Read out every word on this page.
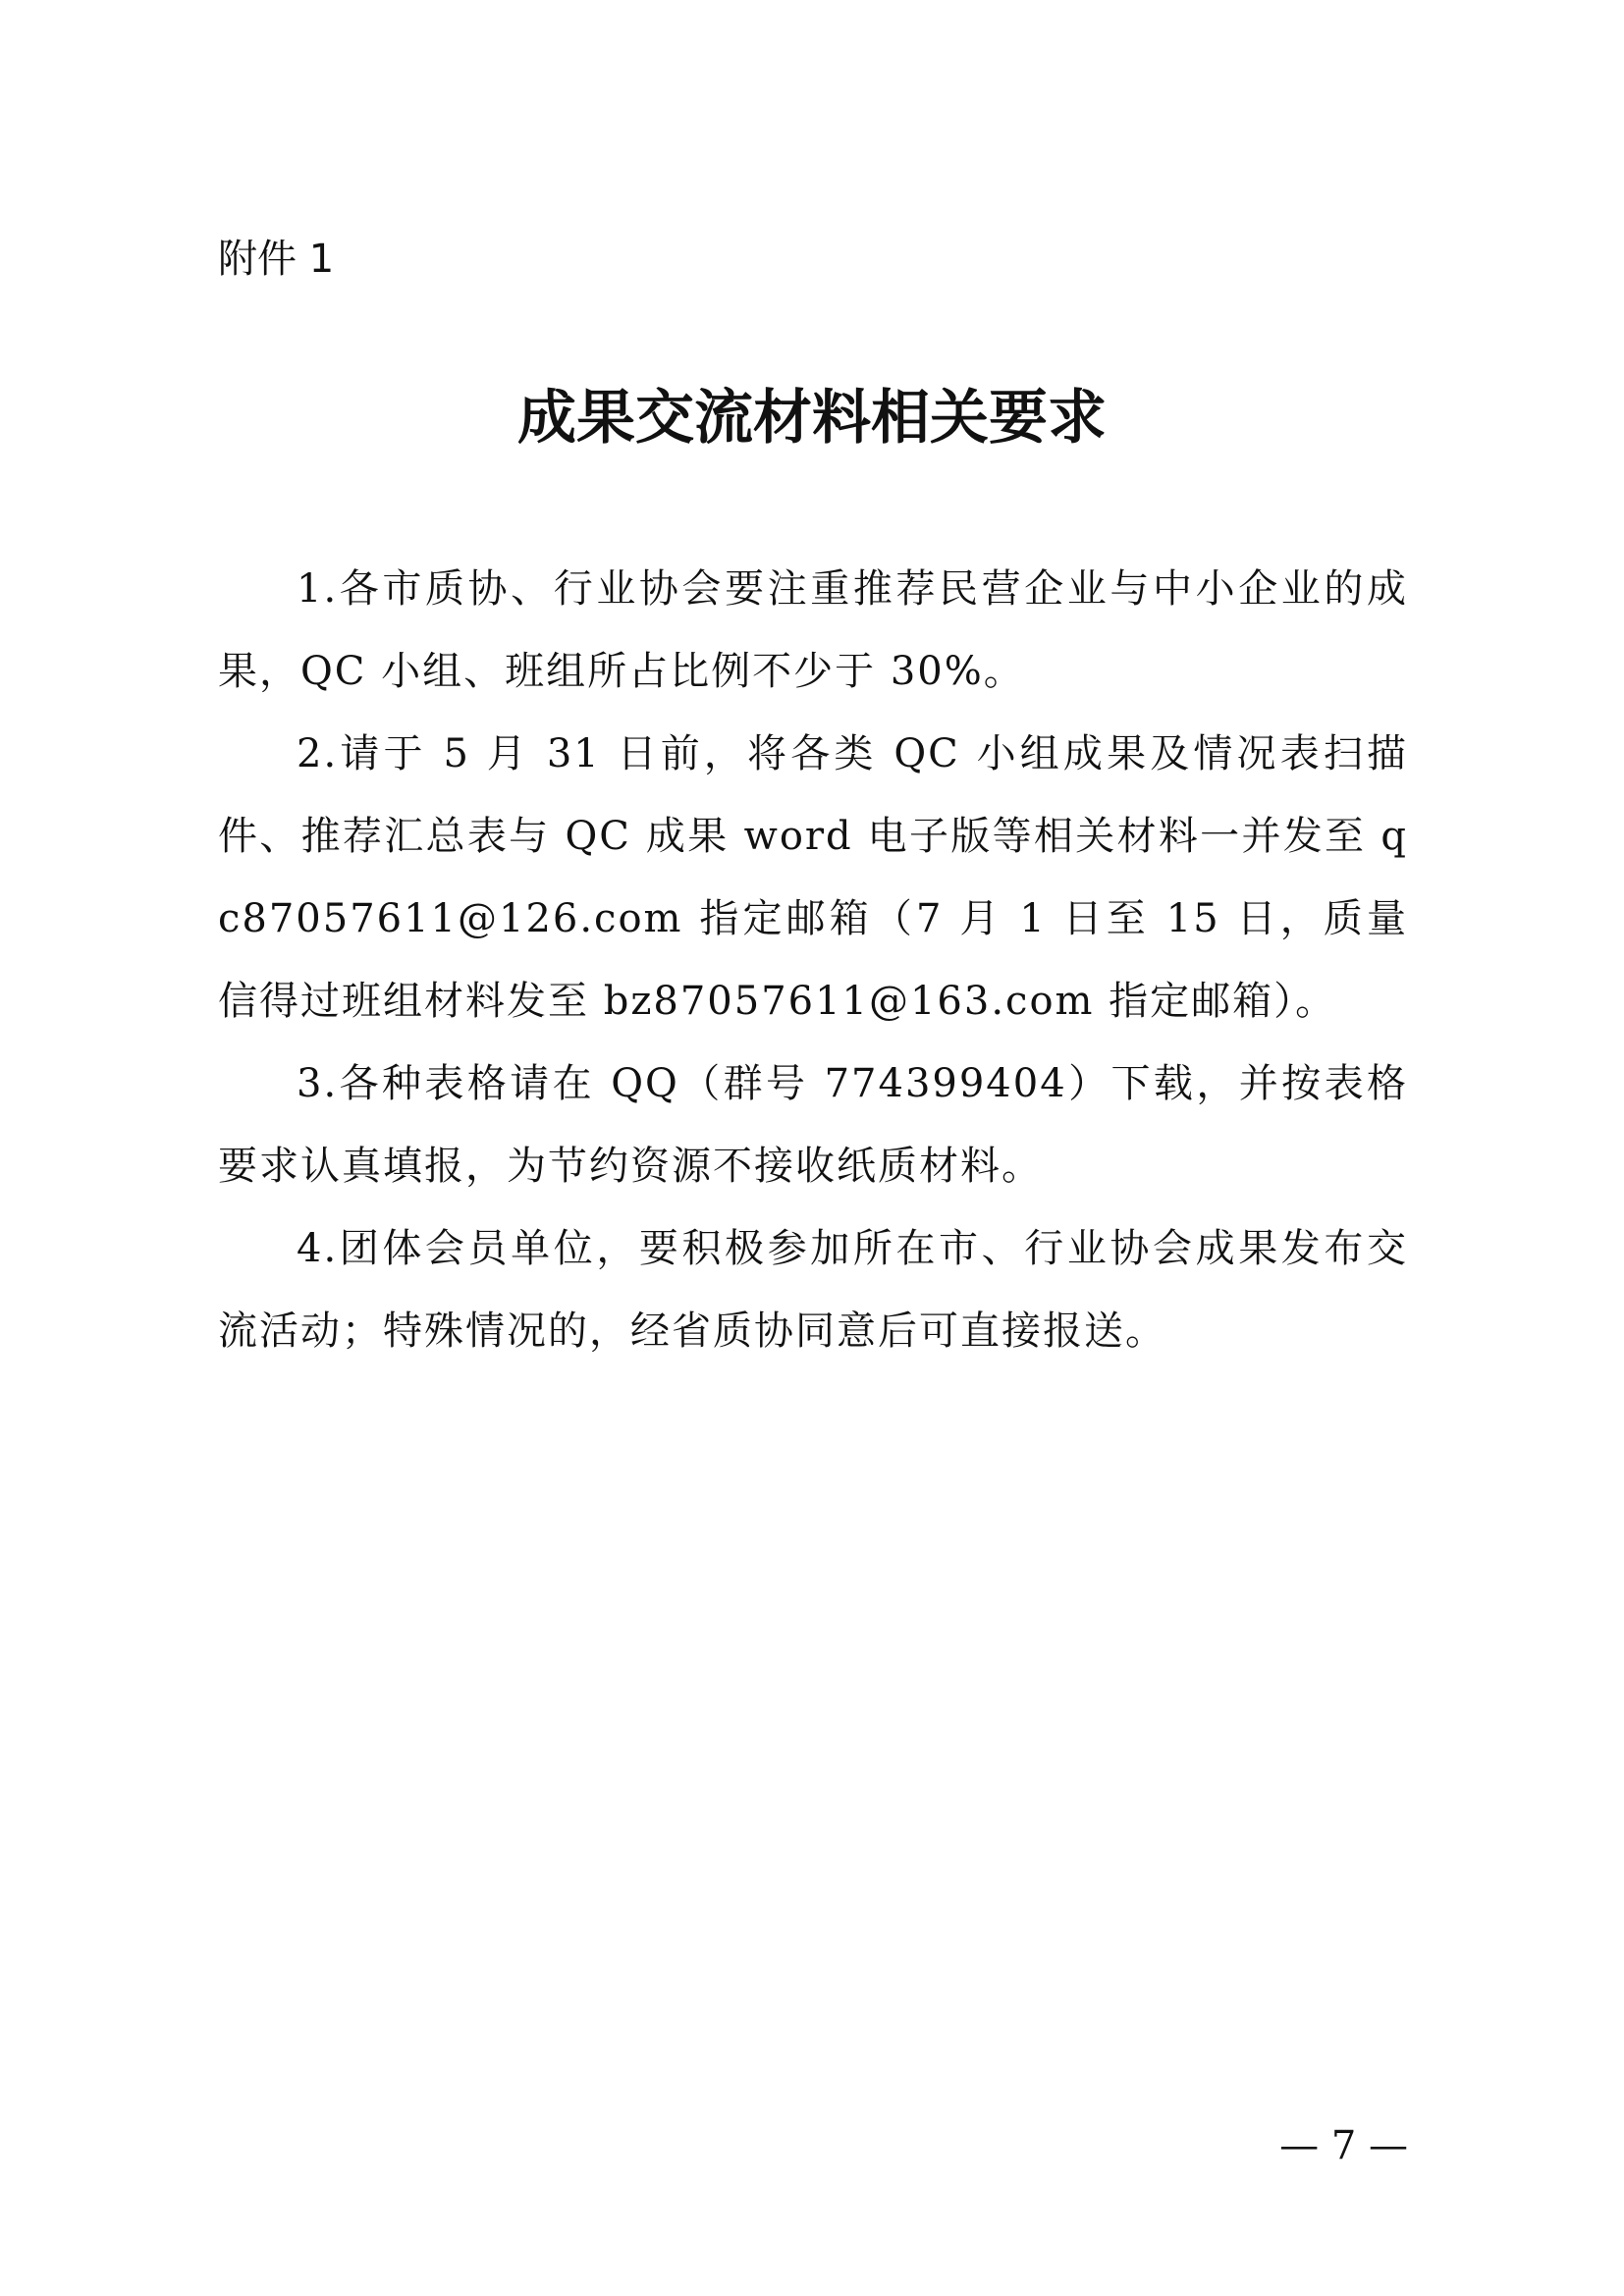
附件 1
成果交流材料相关要求

1.各市质协、行业协会要注重推荐民营企业与中小企业的成果，QC 小组、班组所占比例不少于 30%。

2.请于 5 月 31 日前，将各类 QC 小组成果及情况表扫描件、推荐汇总表与 QC 成果 word 电子版等相关材料一并发至 qc87057611@126.com 指定邮箱（7 月 1 日至 15 日，质量信得过班组材料发至 bz87057611@163.com 指定邮箱）。

3.各种表格请在 QQ（群号 774399404）下载，并按表格要求认真填报，为节约资源不接收纸质材料。

4.团体会员单位，要积极参加所在市、行业协会成果发布交流活动；特殊情况的，经省质协同意后可直接报送。

— 7 —
